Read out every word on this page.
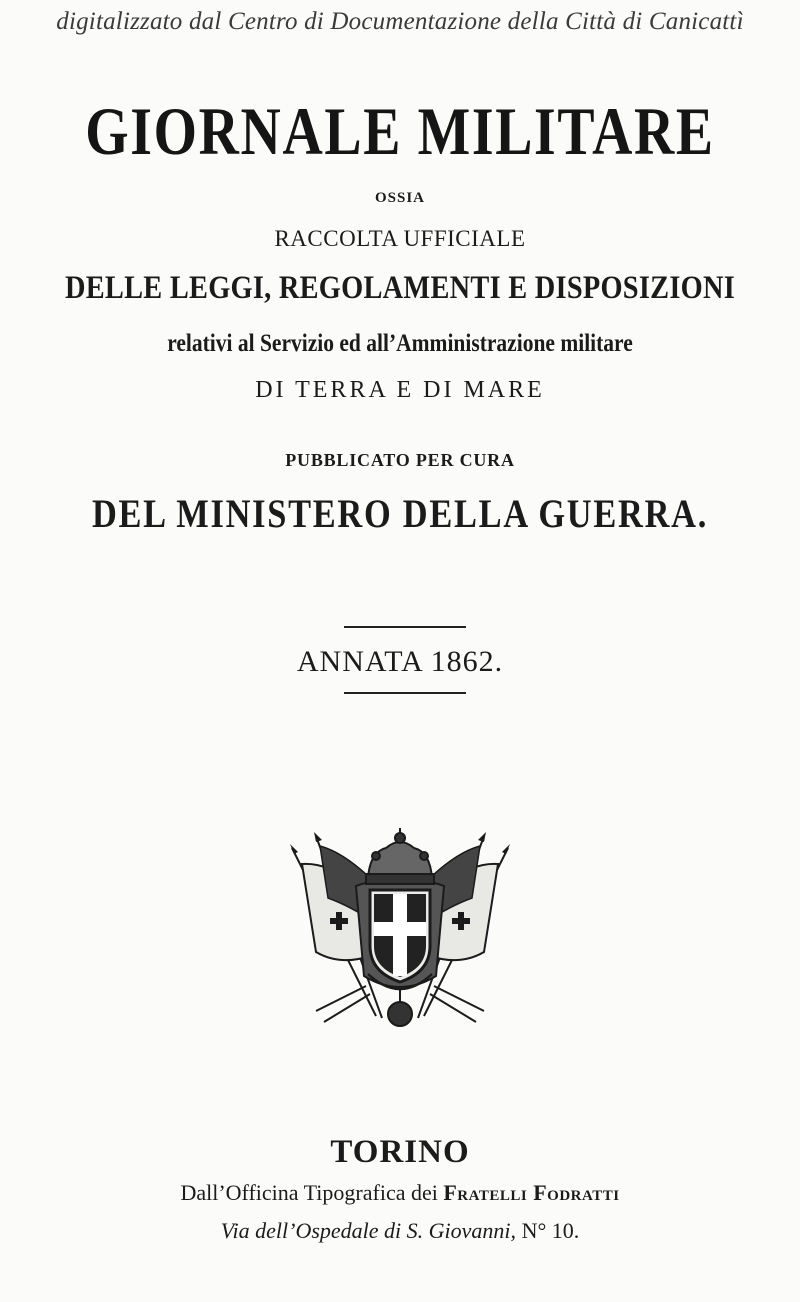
digitalizzato dal Centro di Documentazione della Città di Canicattì
GIORNALE MILITARE
OSSIA
RACCOLTA UFFICIALE
DELLE LEGGI, REGOLAMENTI E DISPOSIZIONI
relativi al Servizio ed all’Amministrazione militare
DI TERRA E DI MARE
PUBBLICATO PER CURA
DEL MINISTERO DELLA GUERRA.
ANNATA 1862.
TORINO
Dall’Officina Tipografica dei Fratelli Fodratti
Via dell’Ospedale di S. Giovanni, N° 10.
